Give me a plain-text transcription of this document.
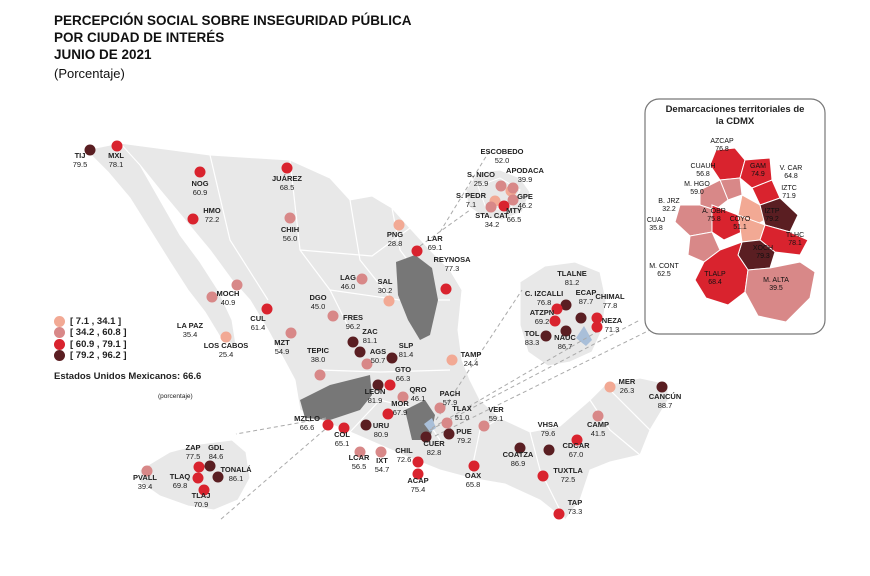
PERCEPCIÓN SOCIAL SOBRE INSEGURIDAD PÚBLICA
POR CIUDAD DE INTERÉS
JUNIO DE 2021
(Porcentaje)
AZCAP
76.8
GAM
74.9
CUAUH
56.8
V. CAR
64.8
M. HGO
59.0
IZTC
71.9
B. JRZ
32.2	A. OBR
75.8
IZTP
79.2
CUAJ
35.8
COYO
51.1
TLHC
78.1
XOCH
79.3
M. CONT
62.5	TLALP
68.4	M. ALTA
39.5
TIJ
79.5
MXL
78.1
NOG
60.9
JUÁREZ
68.5
HMO
72.2
CHIH
56.0
MOCH
40.9
LA PAZ
35.4
LOS CABOS
25.4
CUL
61.4
MZT
54.9
DGO
45.0
LAG
46.0
SAL
30.2
PNG
28.8
LAR
69.1
REYNOSA
77.3
FRES
96.2
ZAC
81.1
TEPIC
38.0
AGS
50.7
SLP
81.4	TAMP
24.4
GTO
66.3
LEON
81.9
QRO
46.1
MOR
67.9
PACH
57.9
TLAX
51.0
VER
59.1
MZLLO
66.6	URU
80.9
COL
65.1
PUE
79.2
CUER
82.8
LCAR
56.5
IXT
54.7
CHIL
72.6
ACAP
75.4
OAX
65.8
VHSA
79.6
COATZA
86.9
CDCAR
67.0
CAMP
41.5
MER
26.3
CANCÚN
88.7
TUXTLA
72.5
TAP
73.3
PVALL
39.4
ZAP
77.5
GDL
84.6
TONALÁ
86.1
TLAQ
69.8
TLAJ
70.9
ESCOBEDO
52.0
S. NICO
25.9
APODACA
39.9
S. PEDR
7.1
GPE
46.2
STA. CAT
34.2
MTY
66.5
TLALNE
81.2
C. IZCALLI
76.8
ECAP
87.7
CHIMAL
77.8
ATZPN
69.2	NEZA
71.3
TOL
83.3
NAUC
86.7
Demarcaciones territoriales de
la CDMX
[ 7.1 , 34.1 ]
[ 34.2 , 60.8 ]
[ 60.9 , 79.1 ]
[ 79.2 , 96.2 ]
Estados Unidos Mexicanos: 66.6
(porcentaje)
